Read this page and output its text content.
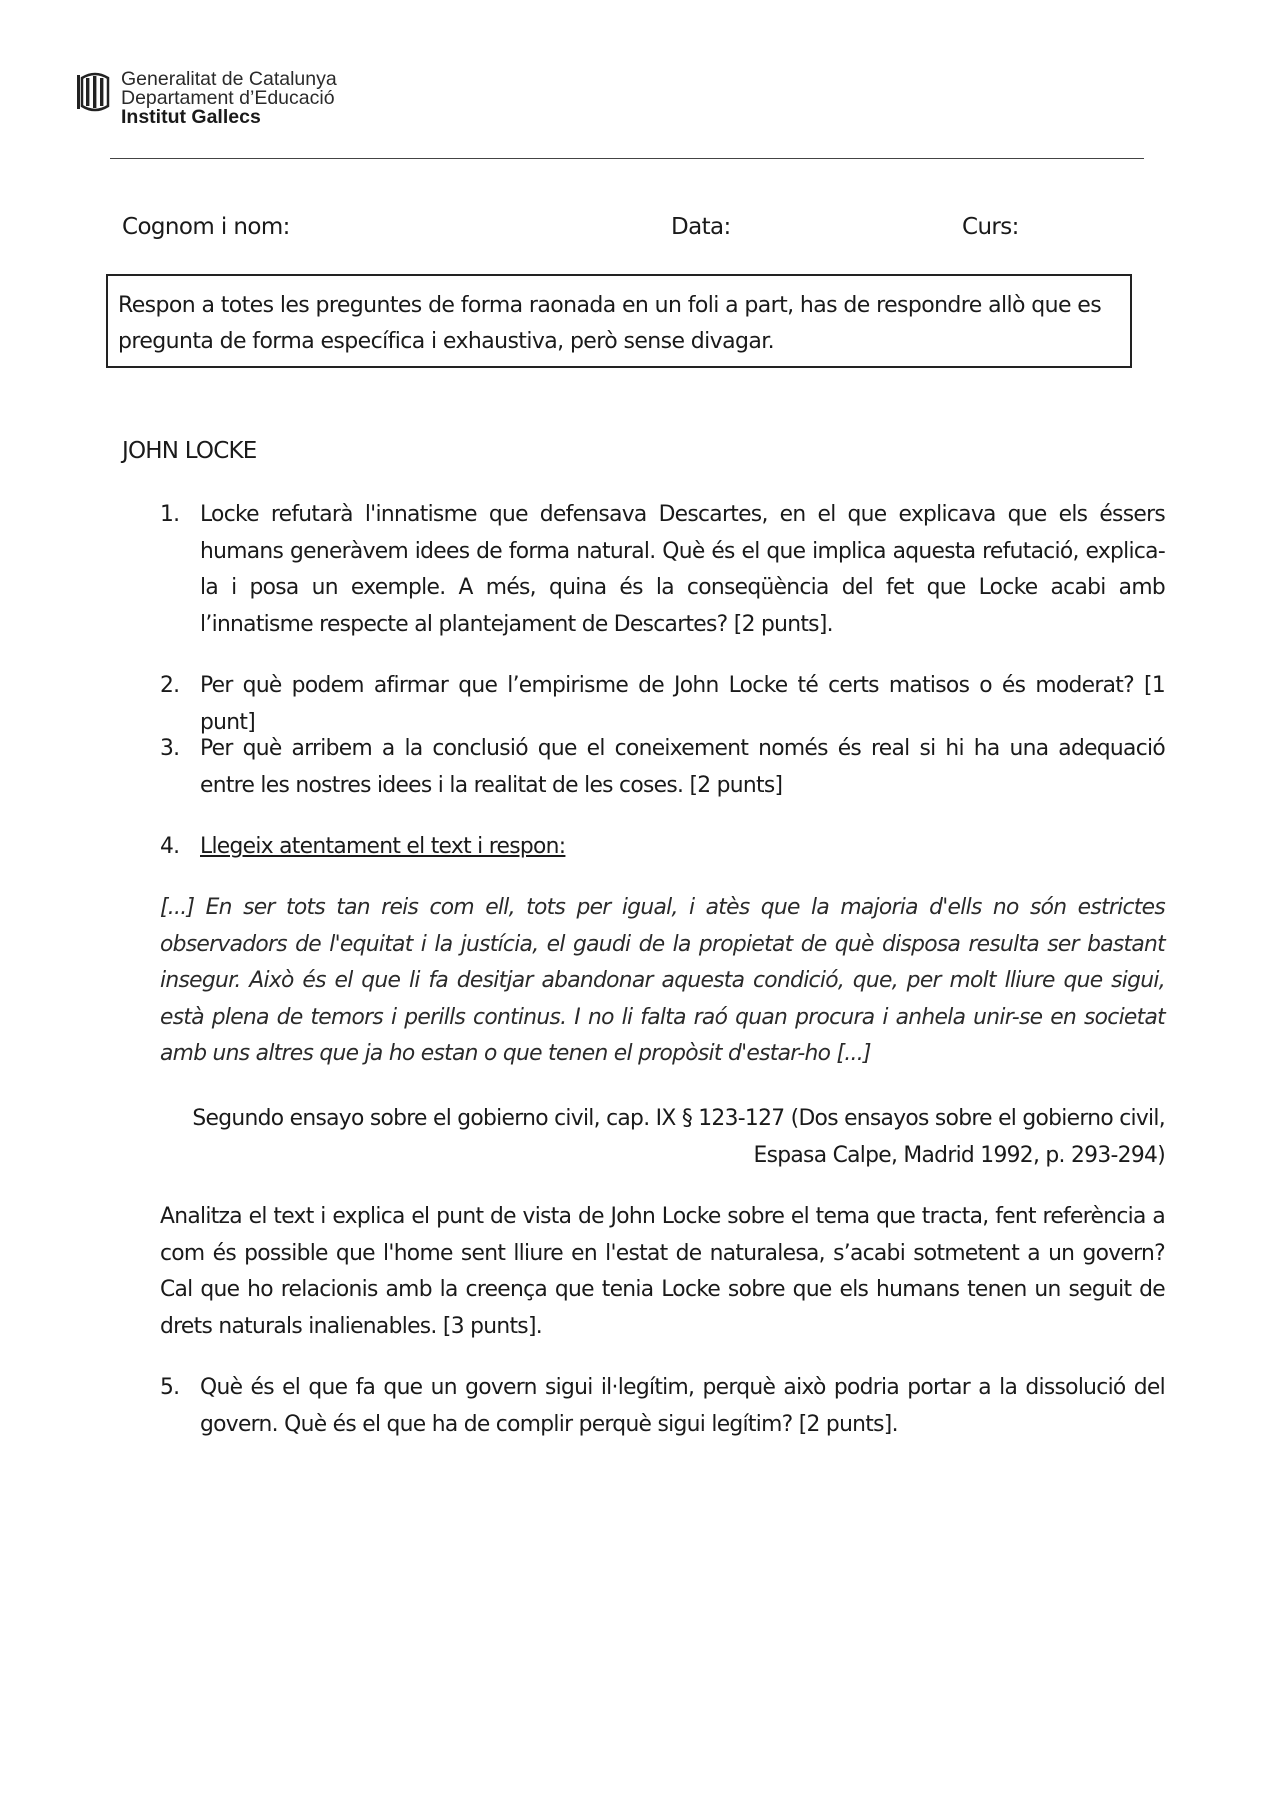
Generalitat de Catalunya
Departament d’Educació
Institut Gallecs
Cognom i nom:	Data:	Curs:
Respon a totes les preguntes de forma raonada en un foli a part, has de respondre allò que es pregunta de forma específica i exhaustiva, però sense divagar.
JOHN LOCKE
1. Locke refutarà l'innatisme que defensava Descartes, en el que explicava que els éssers humans generàvem idees de forma natural. Què és el que implica aquesta refutació, explica-la i posa un exemple. A més, quina és la conseqüència del fet que Locke acabi amb l’innatisme respecte al plantejament de Descartes? [2 punts].
2. Per què podem afirmar que l’empirisme de John Locke té certs matisos o és moderat? [1 punt]
3. Per què arribem a la conclusió que el coneixement només és real si hi ha una adequació entre les nostres idees i la realitat de les coses. [2 punts]
4. Llegeix atentament el text i respon:
[...] En ser tots tan reis com ell, tots per igual, i atès que la majoria d'ells no són estrictes observadors de l'equitat i la justícia, el gaudi de la propietat de què disposa resulta ser bastant insegur. Això és el que li fa desitjar abandonar aquesta condició, que, per molt lliure que sigui, està plena de temors i perills continus. I no li falta raó quan procura i anhela unir-se en societat amb uns altres que ja ho estan o que tenen el propòsit d'estar-ho [...]
Segundo ensayo sobre el gobierno civil, cap. IX § 123-127 (Dos ensayos sobre el gobierno civil,
Espasa Calpe, Madrid 1992, p. 293-294)
Analitza el text i explica el punt de vista de John Locke sobre el tema que tracta, fent referència a com és possible que l'home sent lliure en l'estat de naturalesa, s’acabi sotmetent a un govern? Cal que ho relacionis amb la creença que tenia Locke sobre que els humans tenen un seguit de drets naturals inalienables. [3 punts].
5. Què és el que fa que un govern sigui il·legítim, perquè això podria portar a la dissolució del govern. Què és el que ha de complir perquè sigui legítim? [2 punts].
